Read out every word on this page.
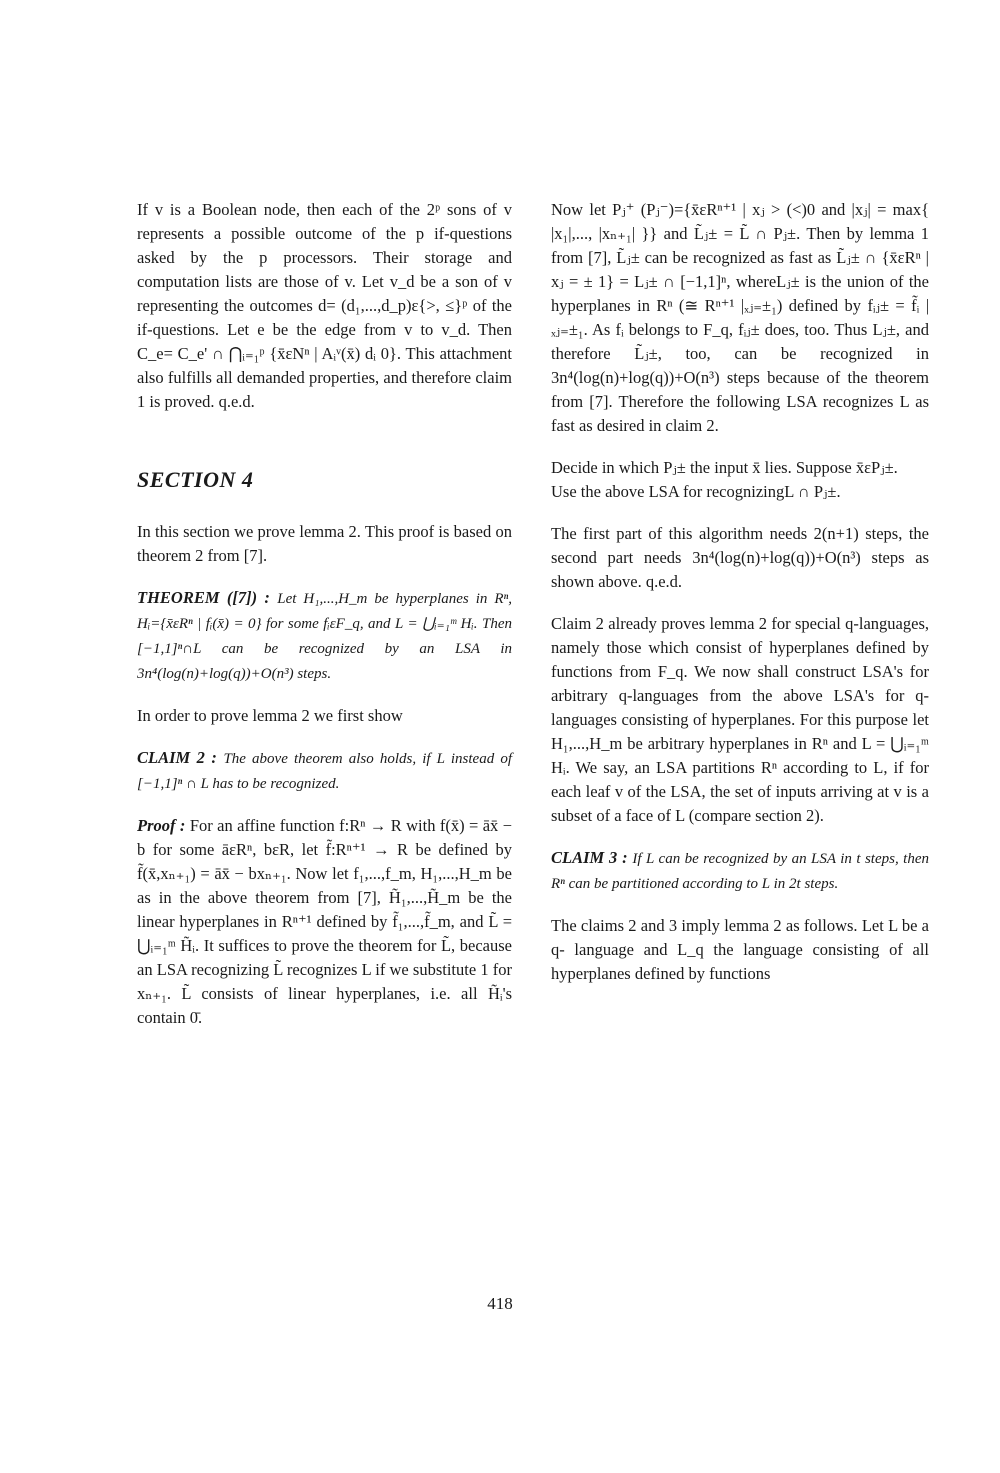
If v is a Boolean node, then each of the 2ᵖ sons of v represents a possible outcome of the p if-questions asked by the p processors. Their storage and computation lists are those of v. Let v_d be a son of v representing the outcomes d= (d₁,...,d_p)ε{>, ≤}ᵖ of the if-questions. Let e be the edge from v to v_d. Then C_e= C_e' ∩ ⋂ᵢ₌₁ᵖ {x̄εNⁿ | Aᵢᵛ(x̄) dᵢ 0}. This attachment also fulfills all demanded properties, and therefore claim 1 is proved. q.e.d.

SECTION 4

In this section we prove lemma 2. This proof is based on theorem 2 from [7].

THEOREM ([7]) : Let H₁,...,H_m be hyperplanes in Rⁿ, Hᵢ={x̄εRⁿ | fᵢ(x̄) = 0} for some fᵢεF_q, and L = ⋃ᵢ₌₁ᵐ Hᵢ. Then [−1,1]ⁿ∩L can be recognized by an LSA in 3n⁴(log(n)+log(q))+O(n³) steps.

In order to prove lemma 2 we first show

CLAIM 2 : The above theorem also holds, if L instead of [−1,1]ⁿ ∩ L has to be recognized.

Proof : For an affine function f:Rⁿ → R with f(x̄) = āx̄ − b for some āεRⁿ, bεR, let f̃:Rⁿ⁺¹ → R be defined by f̃(x̄,xₙ₊₁) = āx̄ − bxₙ₊₁. Now let f₁,...,f_m, H₁,...,H_m be as in the above theorem from [7], H̃₁,...,H̃_m be the linear hyperplanes in Rⁿ⁺¹ defined by f̃₁,...,f̃_m, and L̃ = ⋃ᵢ₌₁ᵐ H̃ᵢ. It suffices to prove the theorem for L̃, because an LSA recognizing L̃ recognizes L if we substitute 1 for xₙ₊₁. L̃ consists of linear hyperplanes, i.e. all H̃ᵢ's contain 0̄.

Now let Pⱼ⁺ (Pⱼ⁻)={x̄εRⁿ⁺¹ | xⱼ > (<)0 and |xⱼ| = max{ |x₁|,..., |xₙ₊₁| }} and L̃ⱼ± = L̃ ∩ Pⱼ±. Then by lemma 1 from [7], L̃ⱼ± can be recognized as fast as L̃ⱼ± ∩ {x̄εRⁿ | xⱼ = ± 1} = Lⱼ± ∩ [−1,1]ⁿ, whereLⱼ± is the union of the hyperplanes in Rⁿ (≅ Rⁿ⁺¹ |ₓⱼ₌±₁) defined by fᵢⱼ± = f̃ᵢ |ₓⱼ₌±₁. As fᵢ belongs to F_q, fᵢⱼ± does, too. Thus Lⱼ±, and therefore L̃ⱼ±, too, can be recognized in 3n⁴(log(n)+log(q))+O(n³) steps because of the theorem from [7]. Therefore the following LSA recognizes L as fast as desired in claim 2.

Decide in which Pⱼ± the input x̄ lies. Suppose x̄εPⱼ±.
Use the above LSA for recognizingL ∩ Pⱼ±.

The first part of this algorithm needs 2(n+1) steps, the second part needs 3n⁴(log(n)+log(q))+O(n³) steps as shown above. q.e.d.

Claim 2 already proves lemma 2 for special q-languages, namely those which consist of hyperplanes defined by functions from F_q. We now shall construct LSA's for arbitrary q-languages from the above LSA's for q-languages consisting of hyperplanes. For this purpose let H₁,...,H_m be arbitrary hyperplanes in Rⁿ and L = ⋃ᵢ₌₁ᵐ Hᵢ. We say, an LSA partitions Rⁿ according to L, if for each leaf v of the LSA, the set of inputs arriving at v is a subset of a face of L (compare section 2).

CLAIM 3 : If L can be recognized by an LSA in t steps, then Rⁿ can be partitioned according to L in 2t steps.

The claims 2 and 3 imply lemma 2 as follows. Let L be a q- language and L_q the language consisting of all hyperplanes defined by functions

418
